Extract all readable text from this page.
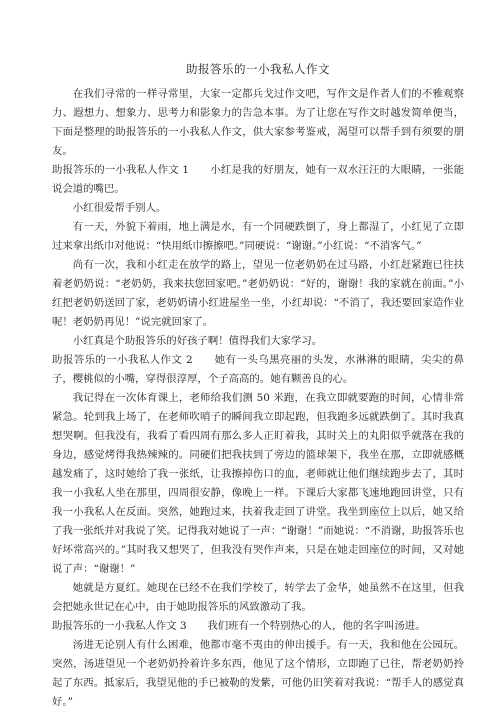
助报答乐的一小我私人作文

在我们寻常的一样寻常里，大家一定都兵戈过作文吧，写作文是作者人们的不雅观察力、遐想力、想象力、思考力和影象力的告急本事。为了让您在写作文时越发简单便当，下面是整理的助报答乐的一小我私人作文，供大家参考鉴戒，渴望可以帮手到有须要的朋友。

助报答乐的一小我私人作文 1　　小红是我的好朋友，她有一双水汪汪的大眼睛，一张能说会道的嘴巴。

小红很爱帮手别人。

有一天，外貌下着雨，地上满是水，有一个同硬跌倒了，身上都湿了，小红见了立即过来拿出纸巾对他说：“快用纸巾擦擦吧。”同硬说：“谢谢。”小红说：“不消客气。”

尚有一次，我和小红走在放学的路上，望见一位老奶奶在过马路，小红赶紧跑已往扶着老奶奶说：“老奶奶，我来扶您回家吧。”老奶奶说：“好的，谢谢！我的家就在前面。”小红把老奶奶送回了家，老奶奶请小红进屋坐一坐，小红却说：“不消了，我还要回家造作业呢！老奶奶再见！”说完就回家了。

小红真是个助报答乐的好孩子啊！值得我们大家学习。

助报答乐的一小我私人作文 2　　她有一头乌黑亮丽的头发，水淋淋的眼睛，尖尖的鼻子，樱桃似的小嘴，穿得很淳厚，个子高高的。她有颗善良的心。

我记得在一次体育课上，老师给我们测 50 米跑，在我立即就要跑的时间，心情非常紧急。轮到我上场了，在老师吹哨子的瞬间我立即起跑，但我跑多远就跌倒了。其时我真想哭啊。但我没有，我看了看四周有那么多人正盯着我，其时关上的丸阳似乎就落在我的身边，感觉烤得我热辣辣的。同硬们把我扶到了旁边的篮球架下，我坐在那，立即就感概越发痛了，这时她给了我一张纸，让我擦掉伤口的血，老师就让他们继续跑步去了，其时我一小我私人坐在那里，四周很安静，像晚上一样。下课后大家都飞速地跑回讲堂，只有我一小我私人在反面。突然，她跑过来，扶着我走回了讲堂。我坐到座位上以后，她又给了我一张纸并对我说了笑。记得我对她说了一声：“谢谢！”而她说：“不消谢，助报答乐也好坏常高兴的。”其时我又想哭了，但我没有哭作声来，只是在她走回座位的时间，又对她说了声：“谢谢！”

她就是方夏红。她现在已经不在我们学校了，转学去了金华，她虽然不在这里，但我会把她永世记在心中，由于她助报答乐的风致激动了我。

助报答乐的一小我私人作文 3　　我们班有一个特别热心的人，他的名字叫汤进。

汤进无论别人有什么困难，他都市毫不夷由的伸出援手。有一天，我和他在公园玩。突然，汤进望见一个老奶奶拎着许多东西，他见了这个情形，立即跑了已往，帮老奶奶拎起了东西。抵家后，我望见他的手已被勒的发紫，可他仍旧笑着对我说：“帮手人的感觉真好。”
